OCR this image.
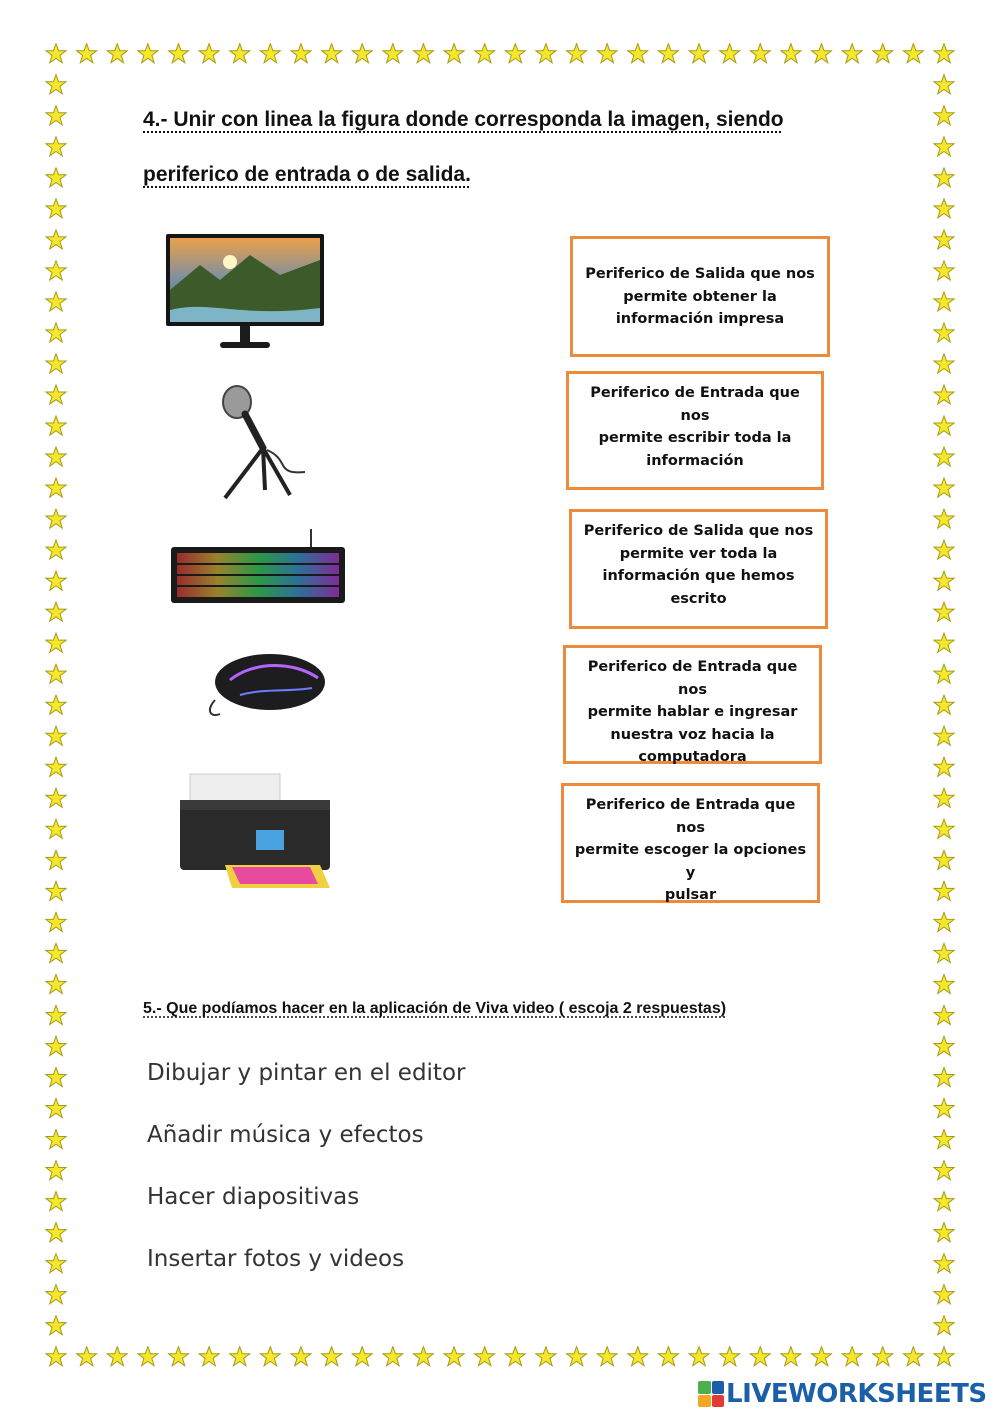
4.- Unir con linea la figura donde corresponda la imagen, siendo
periferico de entrada o de salida.
Periferico de Salida que nos
permite obtener la
información impresa
Periferico de Entrada que nos
permite escribir toda la
información
Periferico de Salida que nos
permite ver toda la
información que hemos
escrito
Periferico de Entrada que nos
permite hablar e ingresar
nuestra voz hacia la
computadora
Periferico de Entrada que nos
permite escoger la opciones y
pulsar

5.- Que podíamos hacer en la aplicación de Viva video ( escoja 2 respuestas)

Dibujar y pintar en el editor

Añadir música y efectos

Hacer diapositivas

Insertar fotos y videos

LIVEWORKSHEETS
